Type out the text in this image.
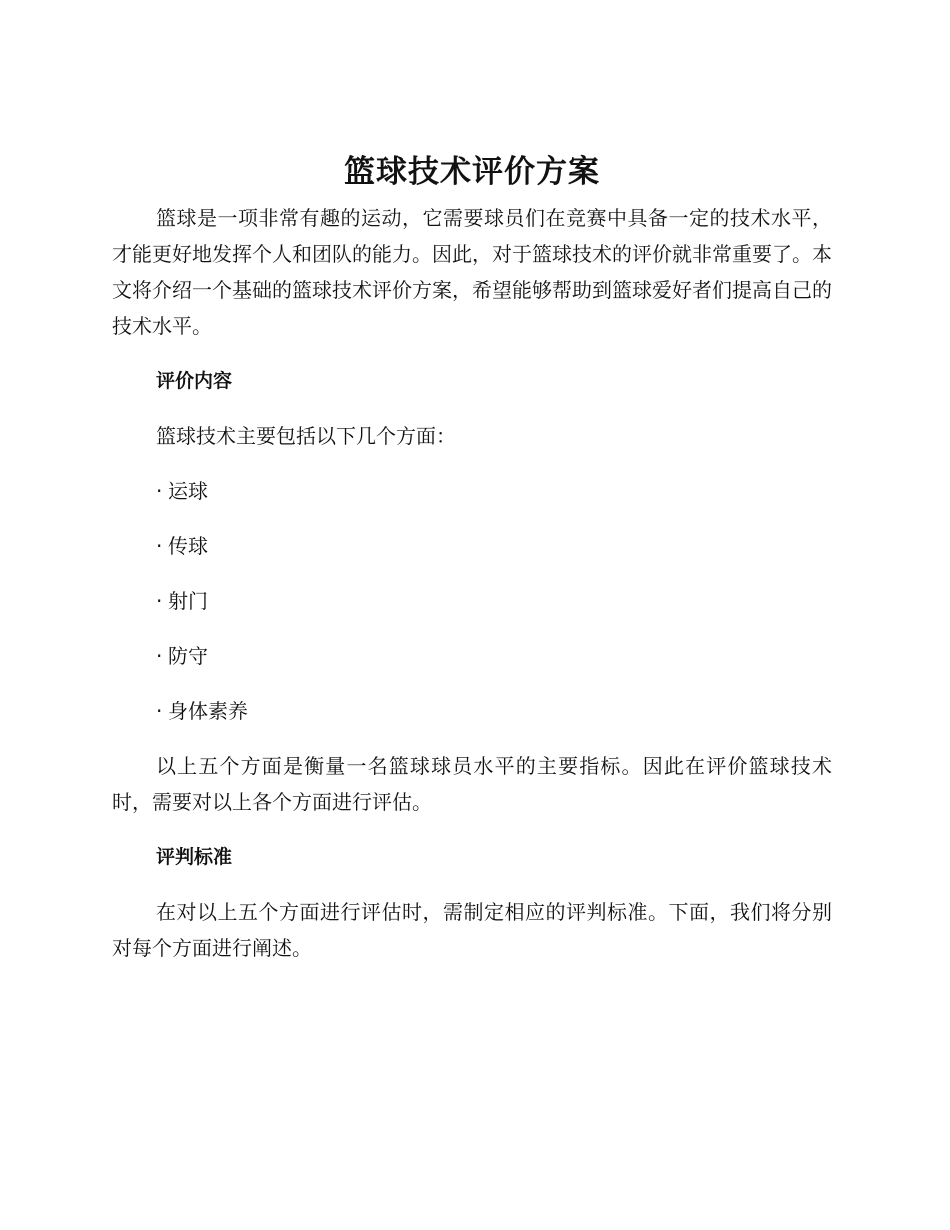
篮球技术评价方案

篮球是一项非常有趣的运动，它需要球员们在竞赛中具备一定的技术水平，才能更好地发挥个人和团队的能力。因此，对于篮球技术的评价就非常重要了。本文将介绍一个基础的篮球技术评价方案，希望能够帮助到篮球爱好者们提高自己的技术水平。

评价内容

篮球技术主要包括以下几个方面：

· 运球
· 传球
· 射门
· 防守
· 身体素养

以上五个方面是衡量一名篮球球员水平的主要指标。因此在评价篮球技术时，需要对以上各个方面进行评估。

评判标准

在对以上五个方面进行评估时，需制定相应的评判标准。下面，我们将分别对每个方面进行阐述。
